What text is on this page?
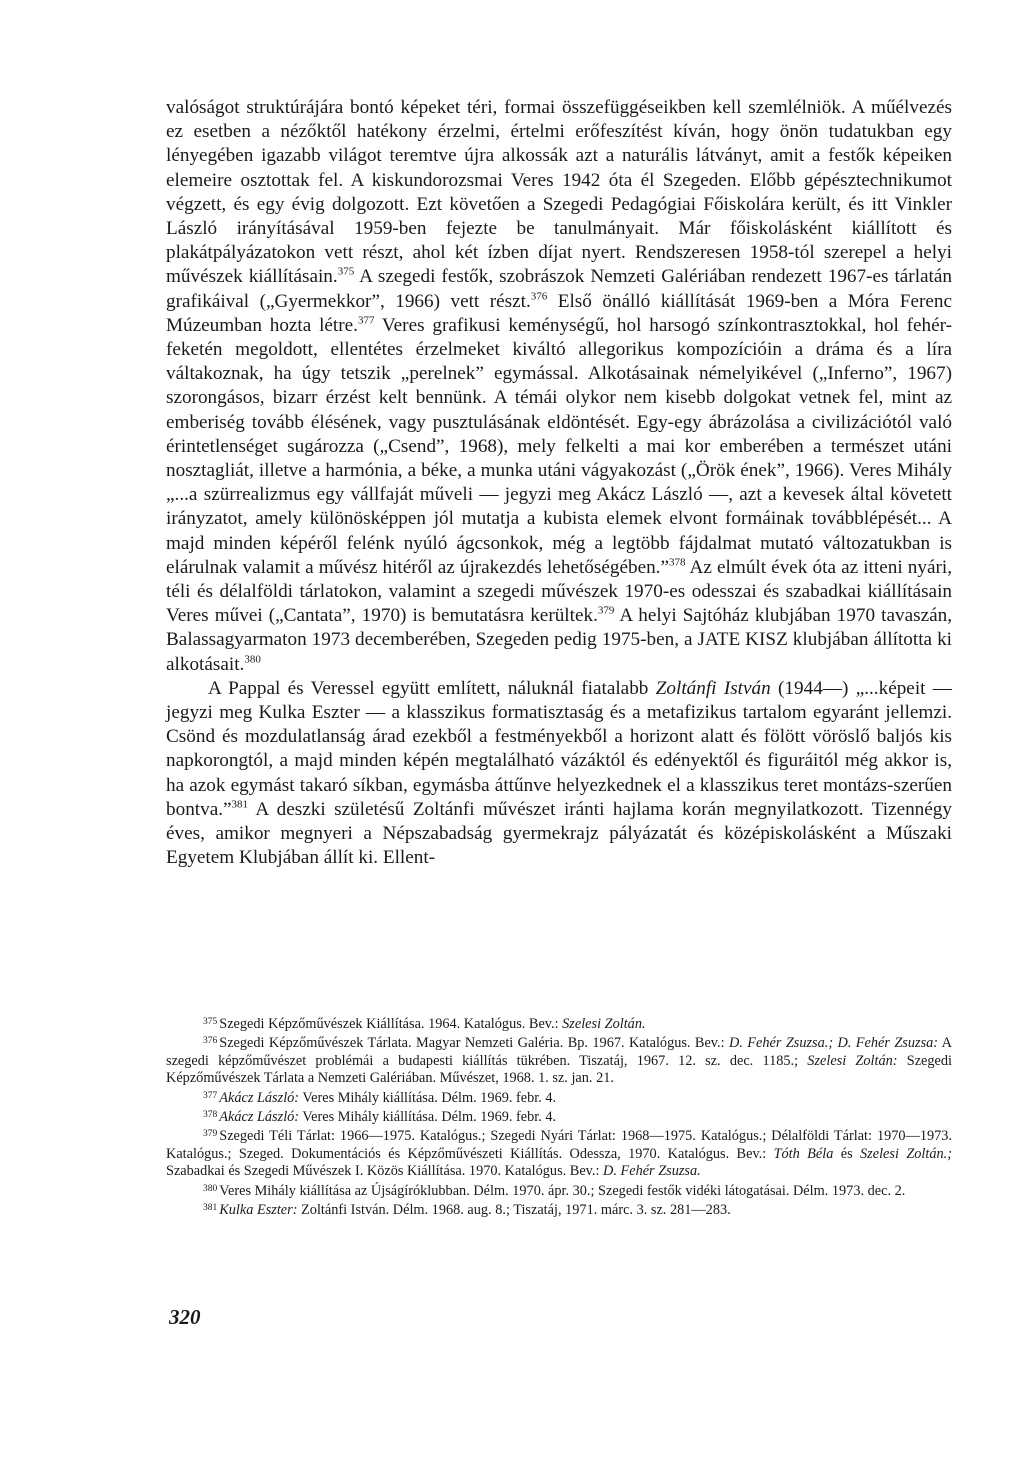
valóságot struktúrájára bontó képeket téri, formai összefüggéseikben kell szemlélniök. A műélvezés ez esetben a nézőktől hatékony érzelmi, értelmi erőfeszítést kíván, hogy önön tudatukban egy lényegében igazabb világot teremtve újra alkossák azt a naturális látványt, amit a festők képeiken elemeire osztottak fel. A kiskundorozsmai Veres 1942 óta él Szegeden. Előbb gépésztechnikumot végzett, és egy évig dolgozott. Ezt követően a Szegedi Pedagógiai Főiskolára került, és itt Vinkler László irányításával 1959-ben fejezte be tanulmányait. Már főiskolásként kiállított és plakátpályázatokon vett részt, ahol két ízben díjat nyert. Rendszeresen 1958-tól szerepel a helyi művészek kiállításain.$^{375}$ A szegedi festők, szobrászok Nemzeti Galériában rendezett 1967-es tárlatán grafikáival („Gyermekkor”, 1966) vett részt.$^{376}$ Első önálló kiállítását 1969-ben a Móra Ferenc Múzeumban hozta létre.$^{377}$ Veres grafikusi keménységű, hol harsogó színkontrasztokkal, hol fehér-feketén megoldott, ellentétes érzelmeket kiváltó allegorikus kompozícióin a dráma és a líra váltakoznak, ha úgy tetszik „perelnek” egymással. Alkotásainak némelyikével („Inferno”, 1967) szorongásos, bizarr érzést kelt bennünk. A témái olykor nem kisebb dolgokat vetnek fel, mint az emberiség tovább élésének, vagy pusztulásának eldöntését. Egy-egy ábrázolása a civilizációtól való érintetlenséget sugározza („Csend”, 1968), mely felkelti a mai kor emberében a természet utáni nosztagliát, illetve a harmónia, a béke, a munka utáni vágyakozást („Örök ének”, 1966). Veres Mihály „...a szürrealizmus egy vállfaját műveli — jegyzi meg Akácz László —, azt a kevesek által követett irányzatot, amely különösképpen jól mutatja a kubista elemek elvont formáinak továbblépését... A majd minden képéről felénk nyúló ágcsonkok, még a legtöbb fájdalmat mutató változatukban is elárulnak valamit a művész hitéről az újrakezdés lehetőségében.”$^{378}$ Az elmúlt évek óta az itteni nyári, téli és délalföldi tárlatokon, valamint a szegedi művészek 1970-es odesszai és szabadkai kiállításain Veres művei („Cantata”, 1970) is bemutatásra kerültek.$^{379}$ A helyi Sajtóház klubjában 1970 tavaszán, Balassagyarmaton 1973 decemberében, Szegeden pedig 1975-ben, a JATE KISZ klubjában állította ki alkotásait.$^{380}$

A Pappal és Veressel együtt említett, náluknál fiatalabb Zoltánfi István (1944—) „...képeit — jegyzi meg Kulka Eszter — a klasszikus formatisztaság és a metafizikus tartalom egyaránt jellemzi. Csönd és mozdulatlanság árad ezekből a festményekből a horizont alatt és fölött vöröslő baljós kis napkorongtól, a majd minden képén megtalálható vázáktól és edényektől és figuráitól még akkor is, ha azok egymást takaró síkban, egymásba áttűnve helyezkednek el a klasszikus teret montázs-szerűen bontva.”$^{381}$ A deszki születésű Zoltánfi művészet iránti hajlama korán megnyilatkozott. Tizennégy éves, amikor megnyeri a Népszabadság gyermekrajz pályázatát és középiskolásként a Műszaki Egyetem Klubjában állít ki. Ellent-

$^{375}$ Szegedi Képzőművészek Kiállítása. 1964. Katalógus. Bev.: Szelesi Zoltán.

$^{376}$ Szegedi Képzőművészek Tárlata. Magyar Nemzeti Galéria. Bp. 1967. Katalógus. Bev.: D. Fehér Zsuzsa.; D. Fehér Zsuzsa: A szegedi képzőművészet problémái a budapesti kiállítás tükrében. Tiszatáj, 1967. 12. sz. dec. 1185.; Szelesi Zoltán: Szegedi Képzőművészek Tárlata a Nemzeti Galériában. Művészet, 1968. 1. sz. jan. 21.

$^{377}$ Akácz László: Veres Mihály kiállítása. Délm. 1969. febr. 4.

$^{378}$ Akácz László: Veres Mihály kiállítása. Délm. 1969. febr. 4.

$^{379}$ Szegedi Téli Tárlat: 1966—1975. Katalógus.; Szegedi Nyári Tárlat: 1968—1975. Katalógus.; Délalföldi Tárlat: 1970—1973. Katalógus.; Szeged. Dokumentációs és Képzőművészeti Kiállítás. Odessza, 1970. Katalógus. Bev.: Tóth Béla és Szelesi Zoltán.; Szabadkai és Szegedi Művészek I. Közös Kiállítása. 1970. Katalógus. Bev.: D. Fehér Zsuzsa.

$^{380}$ Veres Mihály kiállítása az Újságíróklubban. Délm. 1970. ápr. 30.; Szegedi festők vidéki látogatásai. Délm. 1973. dec. 2.

$^{381}$ Kulka Eszter: Zoltánfi István. Délm. 1968. aug. 8.; Tiszatáj, 1971. márc. 3. sz. 281—283.

320
